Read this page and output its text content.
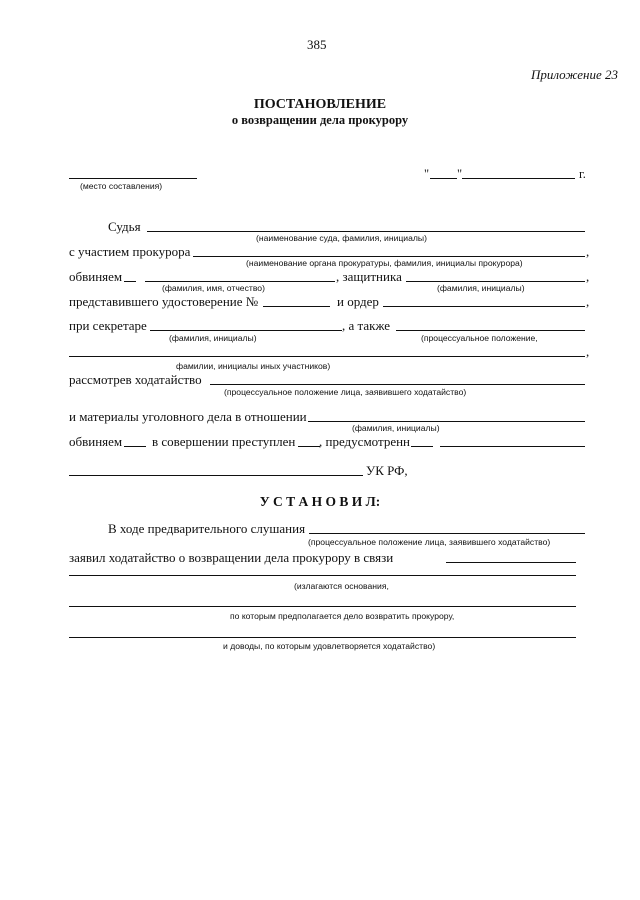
385
Приложение 23
ПОСТАНОВЛЕНИЕ
о возвращении дела прокурору
(место составления)
" "	г.
Судья
(наименование суда, фамилия, инициалы)
с участием прокурора	,
(наименование органа прокуратуры, фамилия, инициалы прокурора)
обвиняем	, защитника	,
(фамилия, имя, отчество)	(фамилия, инициалы)
представившего удостоверение №	и ордер	,
при секретаре	, а также
(фамилия, инициалы)	(процессуальное положение,
,
фамилии, инициалы иных участников)
рассмотрев ходатайство
(процессуальное положение лица, заявившего ходатайство)
и материалы уголовного дела в отношении
(фамилия, инициалы)
обвиняем в совершении преступлен , предусмотренн
УК РФ,
У С Т А Н О В И Л:
В ходе предварительного слушания
(процессуальное положение лица, заявившего ходатайство)
заявил ходатайство о возвращении дела прокурору в связи
(излагаются основания,
по которым предполагается дело возвратить прокурору,
и доводы, по которым удовлетворяется ходатайство)
